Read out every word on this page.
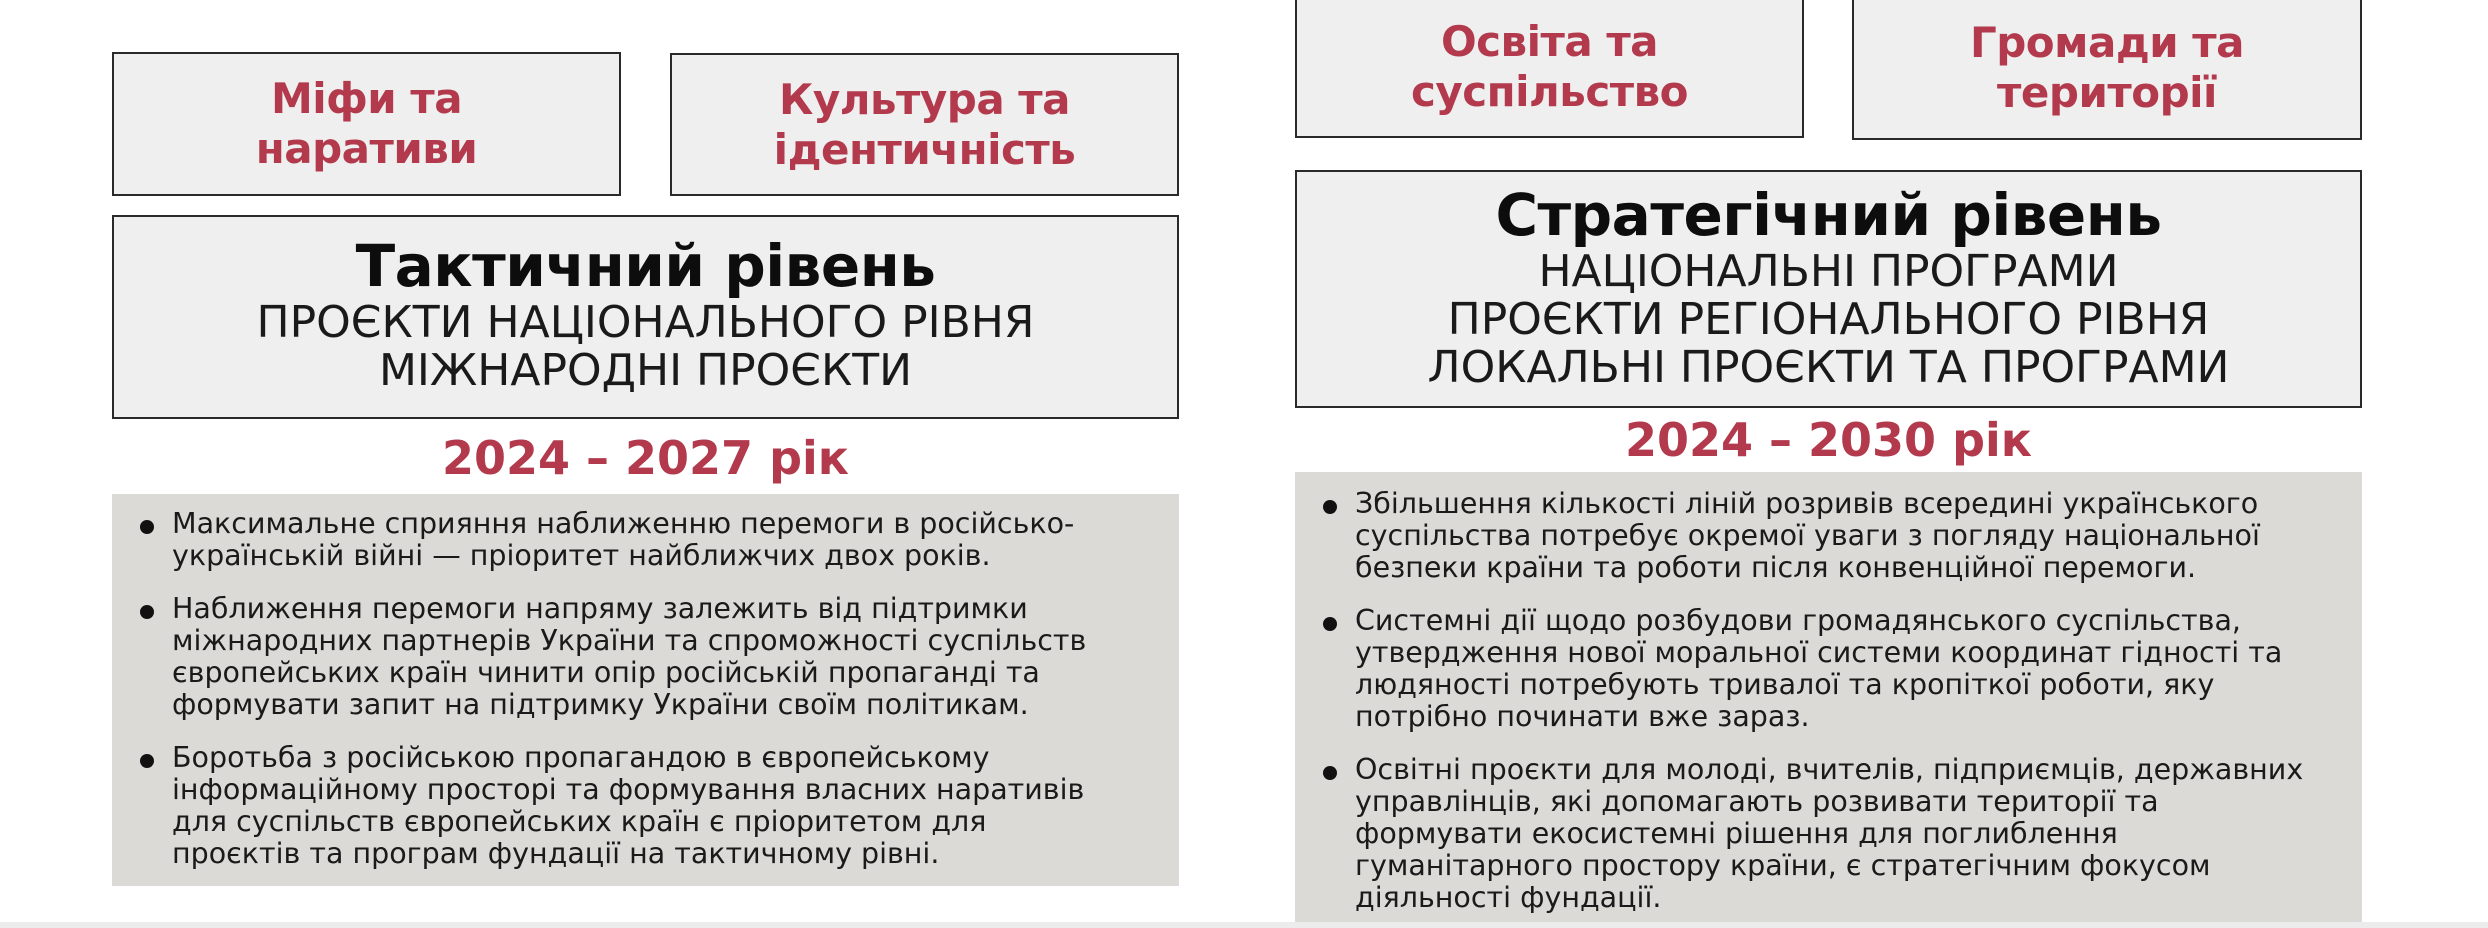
Міфи та
наративи
Культура та
ідентичність
Тактичний рівень
ПРОЄКТИ НАЦІОНАЛЬНОГО РІВНЯ
МІЖНАРОДНІ ПРОЄКТИ
2024 – 2027 рік
Максимальне сприяння наближенню перемоги в російсько-
українській війні — пріоритет найближчих двох років.
Наближення перемоги напряму залежить від підтримки
міжнародних партнерів України та спроможності суспільств
європейських країн чинити опір російській пропаганді та
формувати запит на підтримку України своїм політикам.
Боротьба з російською пропагандою в європейському
інформаційному просторі та формування власних наративів
для суспільств європейських країн є пріоритетом для
проєктів та програм фундації на тактичному рівні.
Освіта та
суспільство
Громади та
території
Стратегічний рівень
НАЦІОНАЛЬНІ ПРОГРАМИ
ПРОЄКТИ РЕГІОНАЛЬНОГО РІВНЯ
ЛОКАЛЬНІ ПРОЄКТИ ТА ПРОГРАМИ
2024 – 2030 рік
Збільшення кількості ліній розривів всередині українського
суспільства потребує окремої уваги з погляду національної
безпеки країни та роботи після конвенційної перемоги.
Системні дії щодо розбудови громадянського суспільства,
утвердження нової моральної системи координат гідності та
людяності потребують тривалої та кропіткої роботи, яку
потрібно починати вже зараз.
Освітні проєкти для молоді, вчителів, підприємців, державних
управлінців, які допомагають розвивати території та
формувати екосистемні рішення для поглиблення
гуманітарного простору країни, є стратегічним фокусом
діяльності фундації.
